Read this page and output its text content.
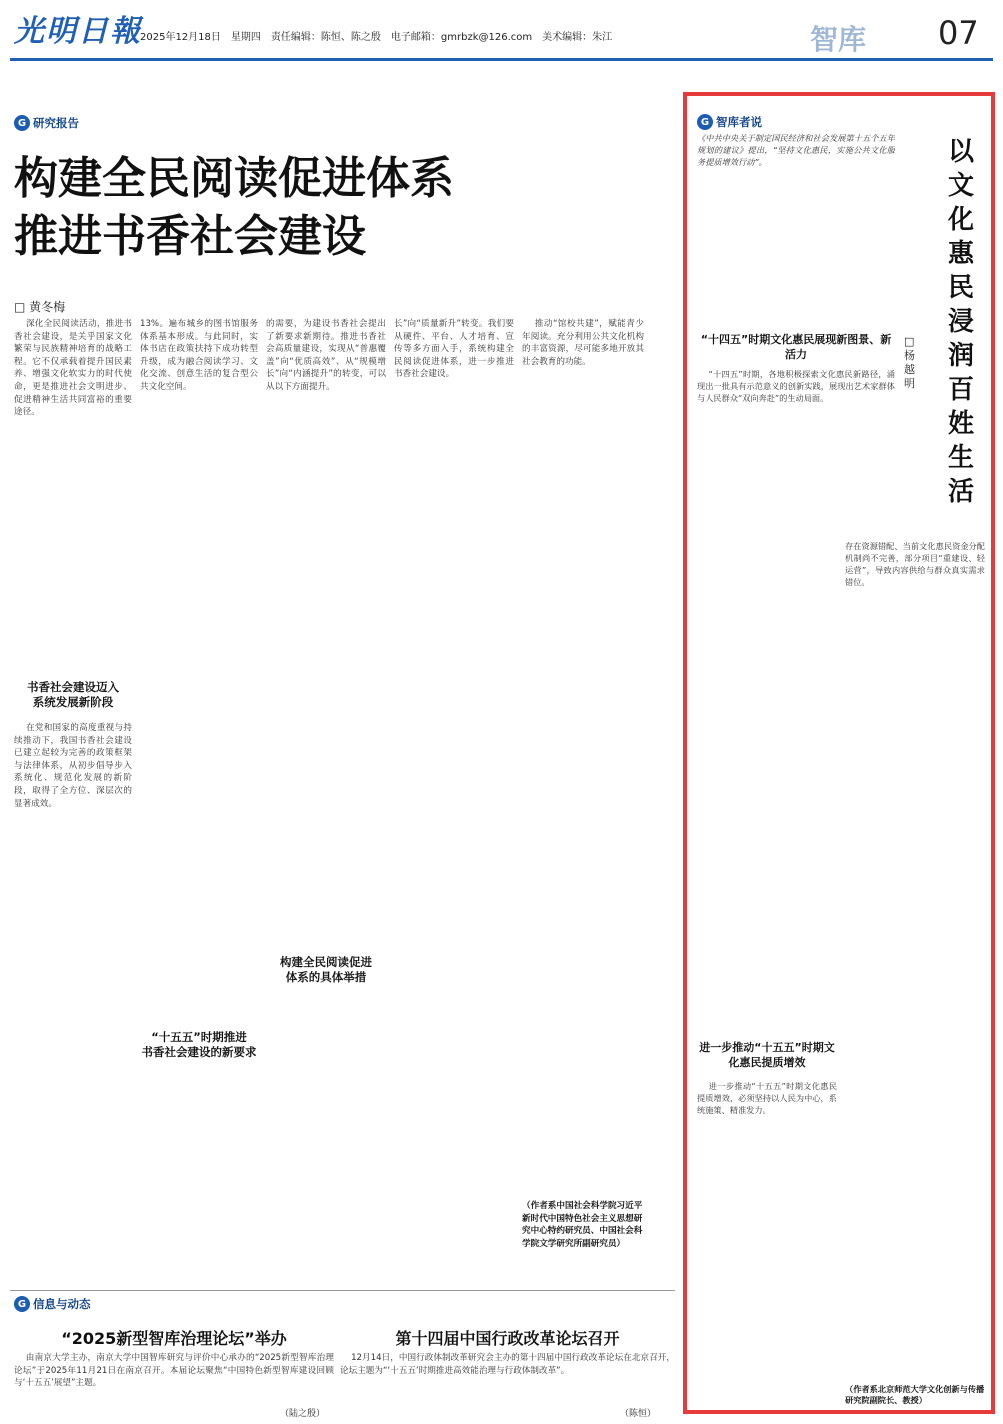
光明日報
2025年12月18日 星期四 责任编辑：陈恒、陈之殷 电子邮箱：gmrbzk@126.com 美术编辑：朱江	智库 07
G 研究报告
构建全民阅读促进体系
推进书香社会建设
□ 黄冬梅
深化全民阅读活动，推进书香社会建设，是关乎国家文化繁荣与民族精神培育的战略工程。它不仅承载着提升国民素养、增强文化软实力的时代使命，更是推进社会文明进步、促进精神生活共同富裕的重要途径。
书香社会建设迈入
系统发展新阶段
在党和国家的高度重视与持续推动下，我国书香社会建设已建立起较为完善的政策框架与法律体系，从初步倡导步入系统化、规范化发展的新阶段，取得了全方位、深层次的显著成效。
13%。遍布城乡的图书馆服务体系基本形成。与此同时，实体书店在政策扶持下成功转型升级，成为融合阅读学习、文化交流、创意生活的复合型公共文化空间。
的需要，为建设书香社会提出了新要求新期待。推进书香社会高质量建设，实现从“普惠覆盖”向“优质高效”、从“规模增长”向“内涵提升”的转变，可以从以下方面提升。
构建全民阅读促进
体系的具体举措
“十五五”时期推进
书香社会建设的新要求
长”向“质量新升”转变。我们要从硬件、平台、人才培育、宣传等多方面入手，系统构建全民阅读促进体系，进一步推进书香社会建设。
推动“馆校共建”，赋能青少年阅读。充分利用公共文化机构的丰富资源，尽可能多地开放其社会教育的功能。
（作者系中国社会科学院习近平新时代中国特色社会主义思想研究中心特约研究员、中国社会科学院文学研究所副研究员）
G 信息与动态
“2025新型智库治理论坛”举办
由南京大学主办，南京大学中国智库研究与评价中心承办的“2025新型智库治理论坛”于2025年11月21日在南京召开。本届论坛聚焦“中国特色新型智库建设回顾与‘十五五’展望”主题。
（陆之殷）
第十四届中国行政改革论坛召开
12月14日，中国行政体制改革研究会主办的第十四届中国行政改革论坛在北京召开，论坛主题为“‘十五五’时期推进高效能治理与行政体制改革”。
（陈恒）
G 智库者说
以文化惠民浸润百姓生活
□ 杨越明
《中共中央关于制定国民经济和社会发展第十五个五年规划的建议》提出，“坚持文化惠民，实施公共文化服务提质增效行动”。
“十四五”时期文化惠民展现新图景、新活力
“十四五”时期，各地积极探索文化惠民新路径，涌现出一批具有示范意义的创新实践，展现出艺术家群体与人民群众“双向奔赴”的生动局面。
存在资源错配、当前文化惠民资金分配机制尚不完善，部分项目“重建设、轻运营”，导致内容供给与群众真实需求错位。
进一步推动“十五五”时期文化惠民提质增效
进一步推动“十五五”时期文化惠民提质增效，必须坚持以人民为中心，系统施策、精准发力。
（作者系北京师范大学文化创新与传播研究院副院长、教授）
